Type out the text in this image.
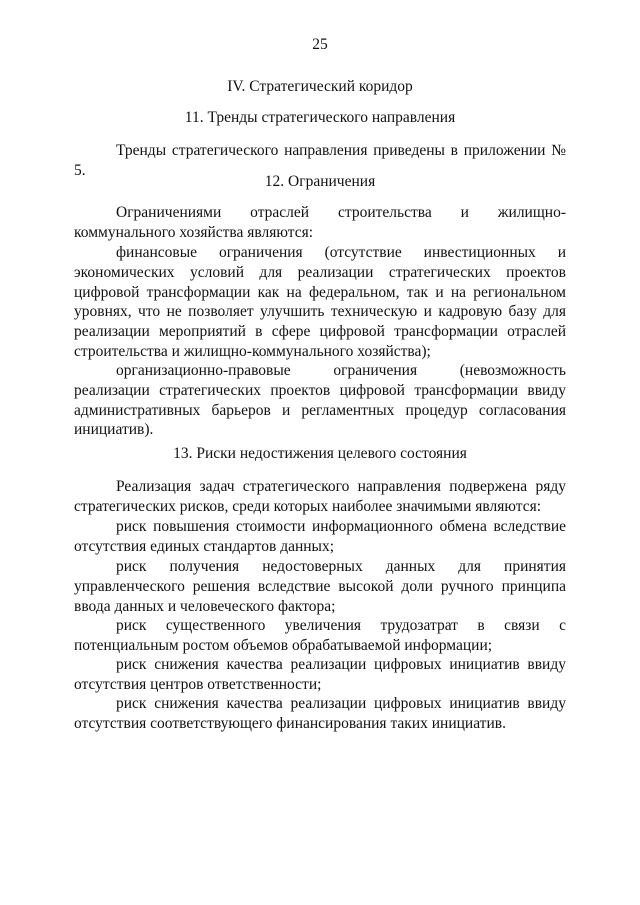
25
IV. Стратегический коридор
11. Тренды стратегического направления

Тренды стратегического направления приведены в приложении № 5.

12. Ограничения

Ограничениями отраслей строительства и жилищно-коммунального хозяйства являются:

финансовые ограничения (отсутствие инвестиционных и экономических условий для реализации стратегических проектов цифровой трансформации как на федеральном, так и на региональном уровнях, что не позволяет улучшить техническую и кадровую базу для реализации мероприятий в сфере цифровой трансформации отраслей строительства и жилищно-коммунального хозяйства);

организационно-правовые ограничения (невозможность реализации стратегических проектов цифровой трансформации ввиду административных барьеров и регламентных процедур согласования инициатив).

13. Риски недостижения целевого состояния

Реализация задач стратегического направления подвержена ряду стратегических рисков, среди которых наиболее значимыми являются:

риск повышения стоимости информационного обмена вследствие отсутствия единых стандартов данных;

риск получения недостоверных данных для принятия управленческого решения вследствие высокой доли ручного принципа ввода данных и человеческого фактора;

риск существенного увеличения трудозатрат в связи с потенциальным ростом объемов обрабатываемой информации;

риск снижения качества реализации цифровых инициатив ввиду отсутствия центров ответственности;

риск снижения качества реализации цифровых инициатив ввиду отсутствия соответствующего финансирования таких инициатив.
